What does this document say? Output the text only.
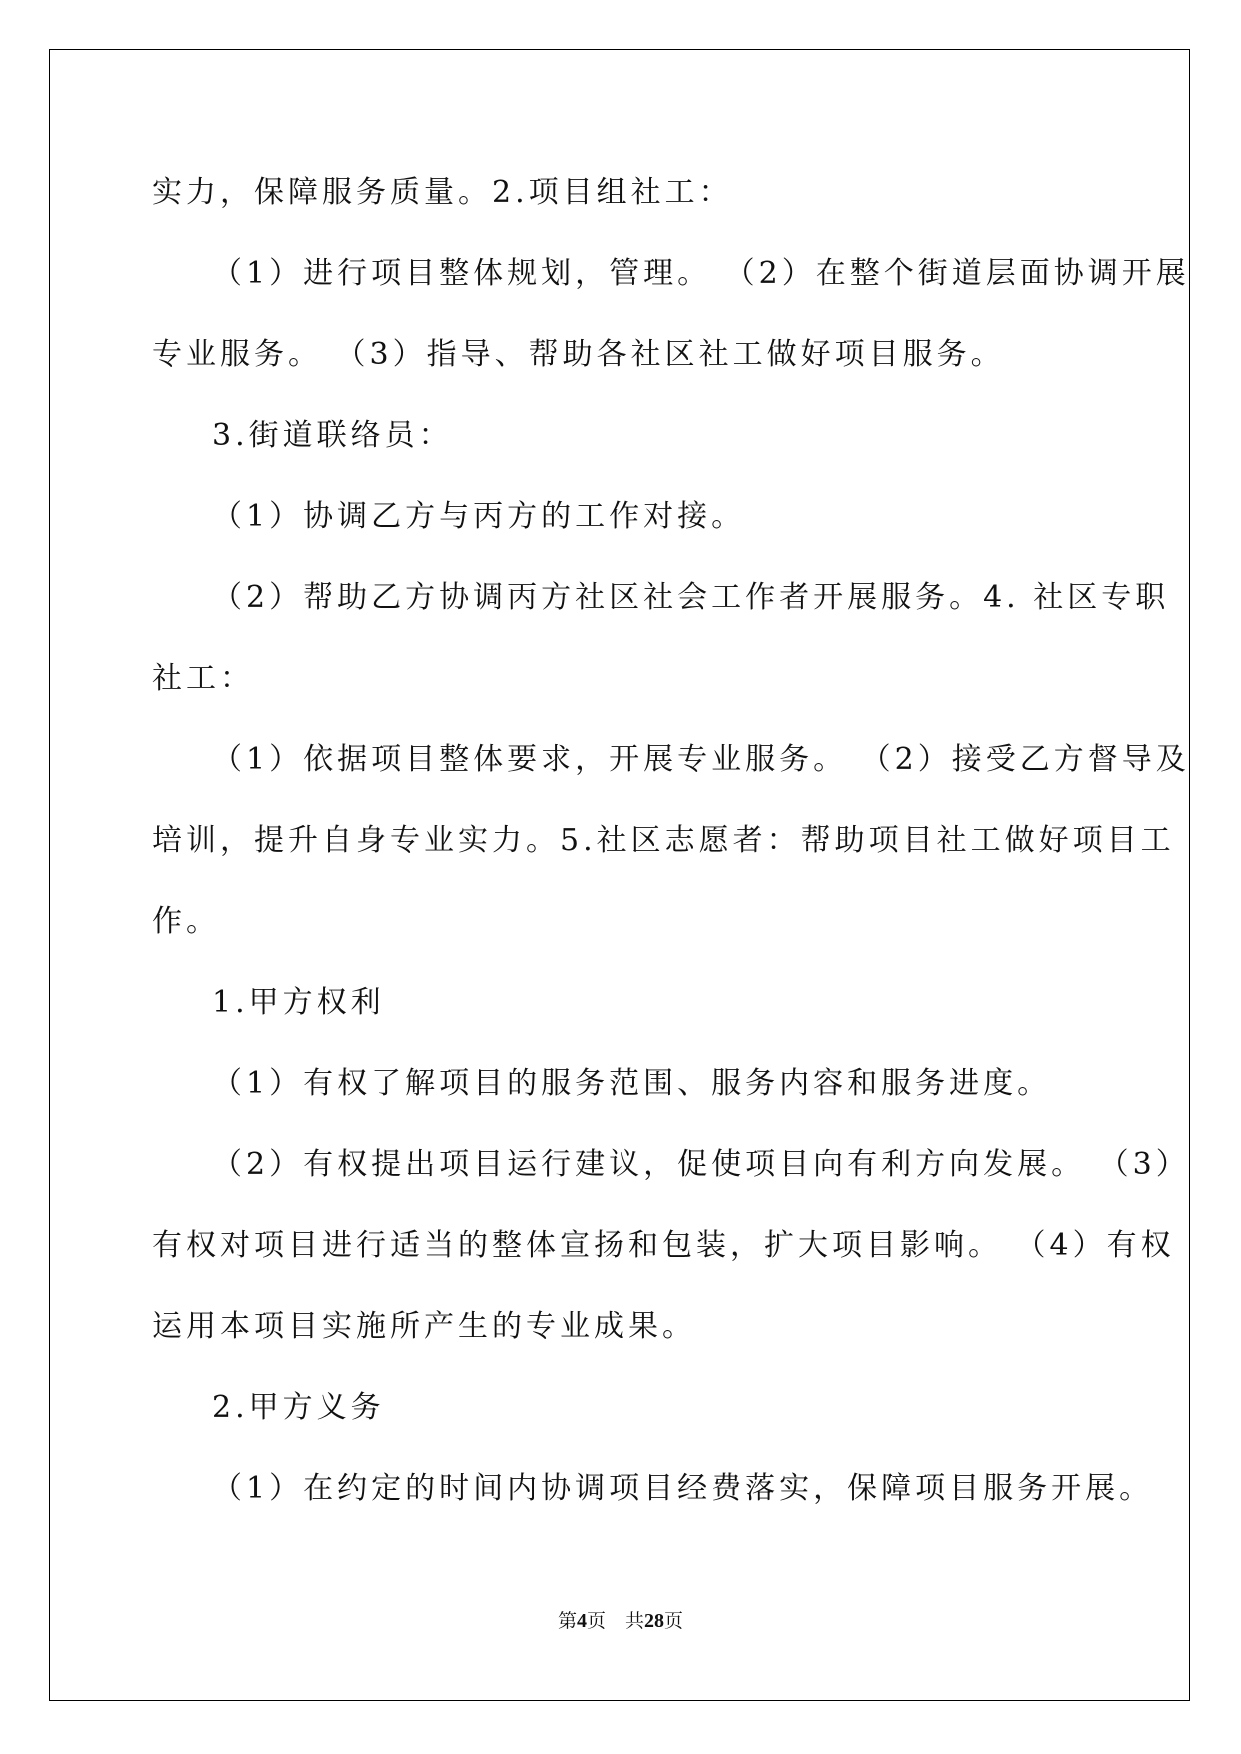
实力，保障服务质量。2.项目组社工：
（1）进行项目整体规划，管理。 （2）在整个街道层面协调开展
专业服务。 （3）指导、帮助各社区社工做好项目服务。
3.街道联络员：
（1）协调乙方与丙方的工作对接。
（2）帮助乙方协调丙方社区社会工作者开展服务。4. 社区专职
社工：
（1）依据项目整体要求，开展专业服务。 （2）接受乙方督导及
培训，提升自身专业实力。5.社区志愿者：帮助项目社工做好项目工
作。
1.甲方权利
（1）有权了解项目的服务范围、服务内容和服务进度。
（2）有权提出项目运行建议，促使项目向有利方向发展。 （3）
有权对项目进行适当的整体宣扬和包装，扩大项目影响。 （4）有权
运用本项目实施所产生的专业成果。
2.甲方义务
（1）在约定的时间内协调项目经费落实，保障项目服务开展。
第4页　共28页
